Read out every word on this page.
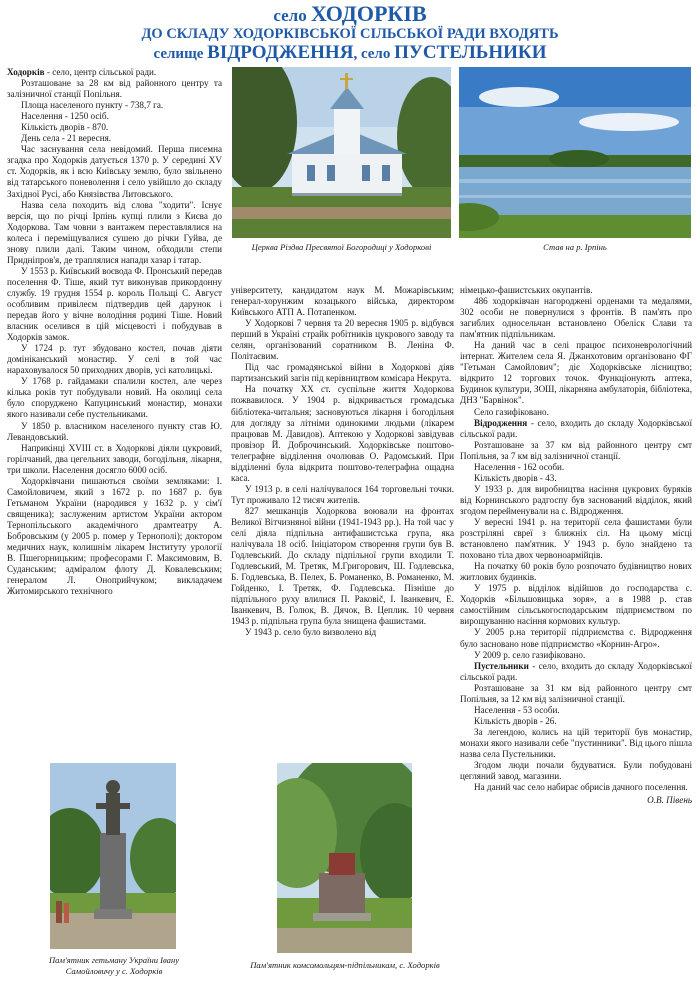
село ХОДОРКІВ
ДО СКЛАДУ ХОДОРКІВСЬКОЇ СІЛЬСЬКОЇ РАДИ ВХОДЯТЬ
селище ВІДРОДЖЕННЯ, село ПУСТЕЛЬНИКИ

Ходорків - село, центр сільської ради.

Розташоване за 28 км від районного центру та залізничної станції Попільня.

Площа населеного пункту - 738,7 га.

Населення - 1250 осіб.

Кількість дворів - 870.

День села - 21 вересня.

Час заснування села невідомий. Перша писемна згадка про Ходорків датується 1370 р. У середині XV ст. Ходорків, як і всю Київську землю, було звільнено від татарського поневолення і село увійшло до складу Західної Русі, або Князівства Литовського.

Назва села походить від слова "ходити". Існує версія, що по річці Ірпінь купці плили з Києва до Ходоркова. Там човни з вантажем переставлялися на колеса і переміщувалися сушею до річки Гуйва, де знову плили далі. Таким чином, обходили степи Придніпров'я, де траплялися напади хазар і татар.

У 1553 р. Київський воєвода Ф. Пронський передав поселення Ф. Тіше, який тут виконував прикордонну службу. 19 грудня 1554 р. король Польщі С. Август особливим привілеєм підтвердив цей дарунок і передав його у вічне володіння родині Тіше. Новий власник оселився в цій місцевості і побудував в Ходорків замок.

У 1724 р. тут збудовано костел, почав діяти домініканський монастир. У селі в той час нараховувалося 50 приходних дворів, усі католицькі.

У 1768 р. гайдамаки спалили костел, але через кілька років тут побудували новий. На околиці села було споруджено Капуцинський монастир, монахи якого називали себе пустельниками.

У 1850 р. власником населеного пункту став Ю. Левандовський.

Наприкінці XVIII ст. в Ходоркові діяли цукровий, горілчаний, два цегельних заводи, богодільня, лікарня, три школи. Населення досягло 6000 осіб.

Ходорківчани пишаються своїми земляками: І. Самойловичем, який з 1672 р. по 1687 р. був Гетьманом України (народився у 1632 р. у сім'ї священика); заслуженим артистом України актором Тернопільського академічного драмтеатру А. Бобровським (у 2005 р. помер у Тернополі); доктором медичних наук, колишнім лікарем Інституту урології В. Пшегорницьким; професорами Г. Максимовим, В. Суданським; адміралом флоту Д. Ковалевським; генералом Л. Оноприйчуком; викладачем Житомирського технічного

Церква Різдва Пресвятої Богородиці у Ходоркові	Став на р. Ірпінь

університету, кандидатом наук М. Можарівським; генерал-хорунжим козацького війська, директором Київського АТП А. Потапенком.

У Ходоркові 7 червня та 20 вересня 1905 р. відбувся перший в Україні страйк робітників цукрового заводу та селян, організований соратником В. Леніна Ф. Політаєвим.

Під час громадянської війни в Ходоркові діяв партизанський загін під керівництвом комісара Некрута.

На початку XX ст. суспільне життя Ходоркова пожвавилося. У 1904 р. відкривається громадська бібліотека-читальня; засновуються лікарня і богодільня для догляду за літніми одинокими людьми (лікарем працював М. Давидов). Аптекою у Ходоркові завідував провізор Й. Доброчинський. Ходорківське поштово-телеграфне відділення очолював О. Радомський. При відділенні була відкрита поштово-телеграфна ощадна каса.

У 1913 р. в селі налічувалося 164 торговельні точки. Тут проживало 12 тисяч жителів.

827 мешканців Ходоркова воювали на фронтах Великої Вітчизняної війни (1941-1943 рр.). На той час у селі діяла підпільна антифашистська група, яка налічувала 18 осіб. Ініціатором створення групи був В. Годлевський. До складу підпільної групи входили Т. Годлевський, М. Третяк, М.Григорович, Ш. Годлевська, Б. Годлевська, В. Пелех, Б. Романенко, В. Романенко, М. Гойденко, І. Третяк, Ф. Годлевська. Пізніше до підпільного руху влилися П. Раковič, І. Іванкевич, Е. Іванкевич, В. Голюк, В. Дячок, В. Цеплик. 10 червня 1943 р. підпільна група була знищена фашистами.

У 1943 р. село було визволено від

німецько-фашистських окупантів.

486 ходорківчан нагороджені орденами та медалями, 302 особи не повернулися з фронтів. В пам'ять про загиблих односельчан встановлено Обеліск Слави та пам'ятник підпільникам.

На даний час в селі працює психоневрологічний інтернат. Жителем села Я. Джанхотовим організовано ФГ "Гетьман Самойлович"; діє Ходорківське лісництво; відкрито 12 торгових точок. Функціонують аптека, Будинок культури, ЗОШ, лікарняна амбулаторія, бібліотека, ДНЗ "Барвінок".

Село газифіковано.

Відродження - село, входить до складу Ходорківської сільської ради.

Розташоване за 37 км від районного центру смт Попільня, за 7 км від залізничної станції.

Населення - 162 особи.

Кількість дворів - 43.

У 1933 р. для виробництва насіння цукрових буряків від Корнинського радгоспу був заснований відділок, який згодом перейменували на с. Відродження.

У вересні 1941 р. на території села фашистами були розстріляні євреї з ближніх сіл. На цьому місці встановлено пам'ятник. У 1943 р. було знайдено та поховано тіла двох червоноармійців.

На початку 60 років було розпочато будівництво нових житлових будинків.

У 1975 р. відділок відійшов до господарства с. Ходорків «Більшовицька зоря», а в 1988 р. став самостійним сільськогосподарським підприємством по вирощуванню насіння кормових культур.

У 2005 р.на території підприємства с. Відродження було засновано нове підприємство «Корнин-Агро».

У 2009 р. село газифіковано.

Пустельники - село, входить до складу Ходорківської сільської ради.

Розташоване за 31 км від районного центру смт Попільня, за 12 км від залізничної станції.

Населення - 53 особи.

Кількість дворів - 26.

За легендою, колись на цій території був монастир, монахи якого називали себе "пустинники". Від цього пішла назва села Пустельники.

Згодом люди почали будуватися. Були побудовані цегляний завод, магазини.

На даний час село набирає обрисів дачного поселення.

О.В. Півень

Пам'ятник гетьману України Івану Самойловичу у с. Ходорків
Пам'ятник комсомольцям-підпільникам, с. Ходорків
